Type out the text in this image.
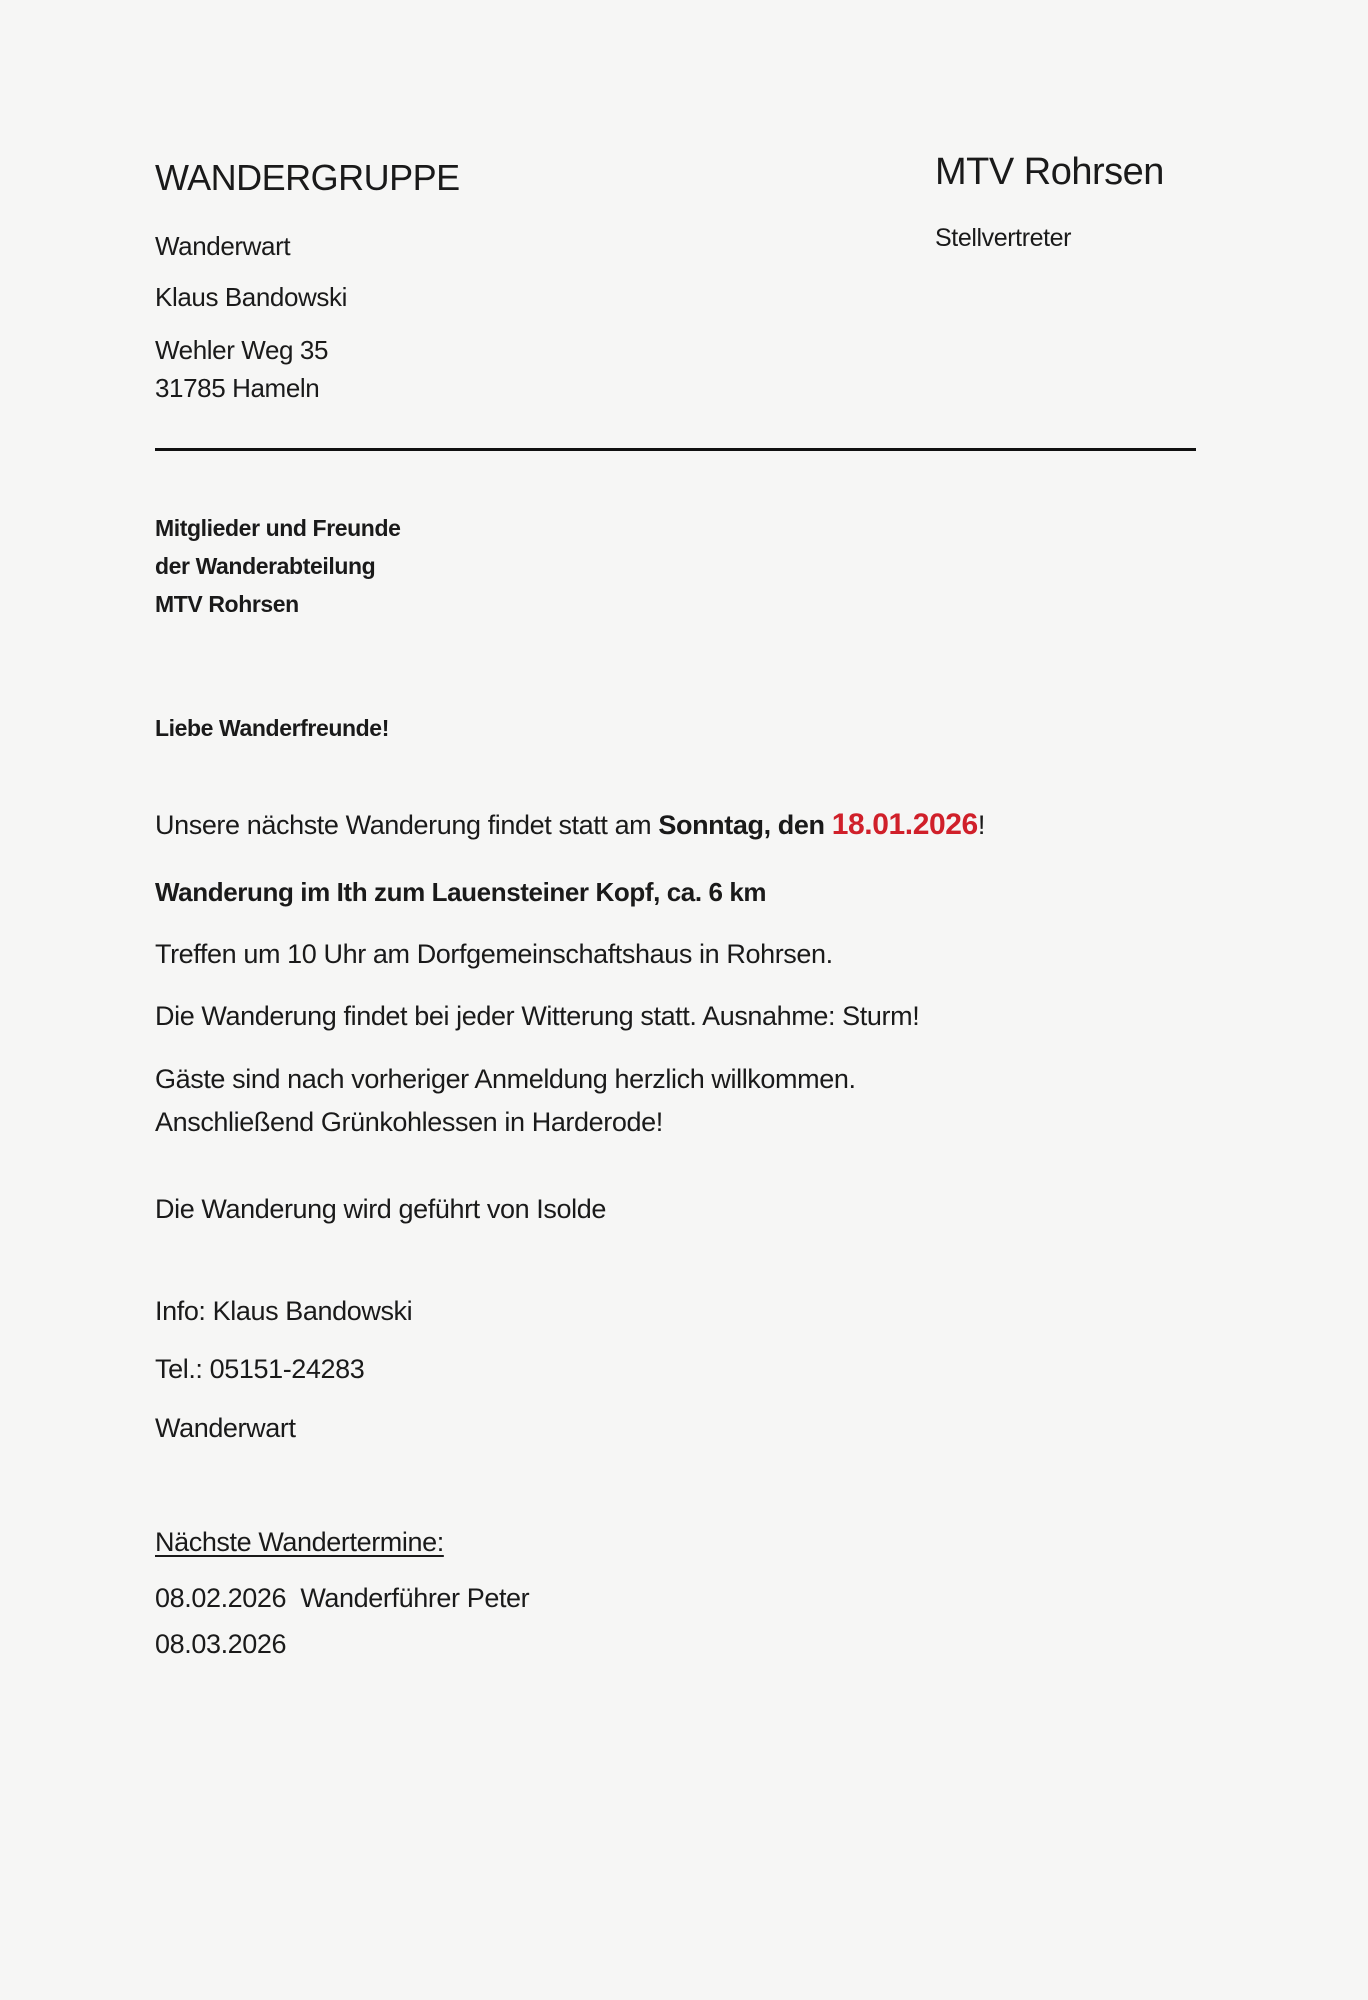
WANDERGRUPPE	MTV Rohrsen
Stellvertreter
Wanderwart
Klaus Bandowski
Wehler Weg 35
31785 Hameln
Mitglieder und Freunde
der Wanderabteilung
MTV Rohrsen
Liebe Wanderfreunde!
Unsere nächste Wanderung findet statt am Sonntag, den 18.01.2026!
Wanderung im Ith zum Lauensteiner Kopf, ca. 6 km
Treffen um 10 Uhr am Dorfgemeinschaftshaus in Rohrsen.
Die Wanderung findet bei jeder Witterung statt. Ausnahme: Sturm!
Gäste sind nach vorheriger Anmeldung herzlich willkommen.
Anschließend Grünkohlessen in Harderode!
Die Wanderung wird geführt von Isolde
Info: Klaus Bandowski
Tel.: 05151-24283
Wanderwart
Nächste Wandertermine:
08.02.2026 Wanderführer Peter
08.03.2026
